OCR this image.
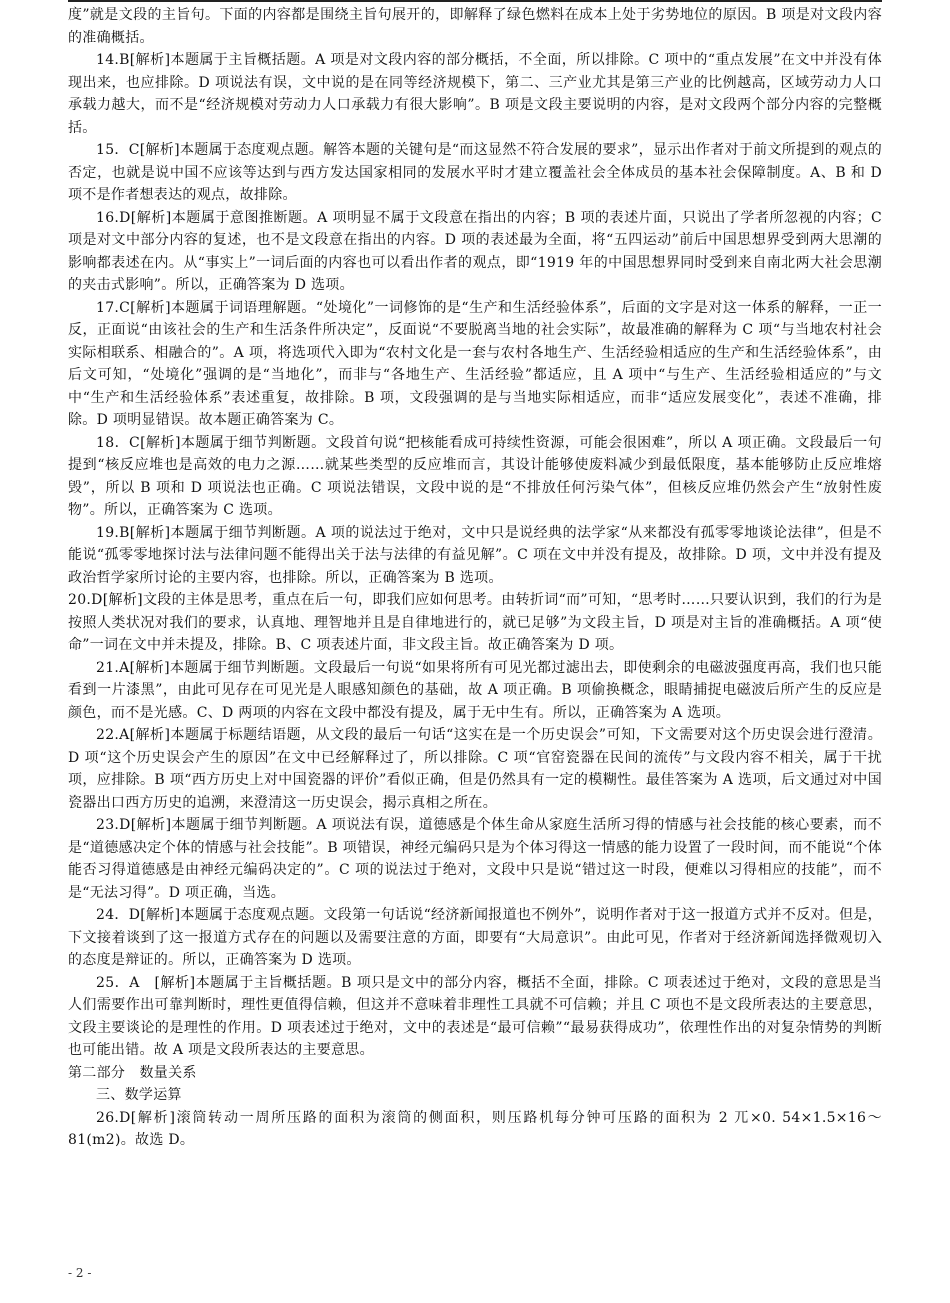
度”就是文段的主旨句。下面的内容都是围绕主旨句展开的，即解释了绿色燃料在成本上处于劣势地位的原因。B 项是对文段内容的准确概括。

14.B[解析]本题属于主旨概括题。A 项是对文段内容的部分概括，不全面，所以排除。C 项中的“重点发展”在文中并没有体现出来，也应排除。D 项说法有误，文中说的是在同等经济规模下，第二、三产业尤其是第三产业的比例越高，区域劳动力人口承载力越大，而不是“经济规模对劳动力人口承载力有很大影响”。B 项是文段主要说明的内容，是对文段两个部分内容的完整概括。

15．C[解析]本题属于态度观点题。解答本题的关键句是“而这显然不符合发展的要求”，显示出作者对于前文所提到的观点的否定，也就是说中国不应该等达到与西方发达国家相同的发展水平时才建立覆盖社会全体成员的基本社会保障制度。A、B 和 D 项不是作者想表达的观点，故排除。

16.D[解析]本题属于意图推断题。A 项明显不属于文段意在指出的内容；B 项的表述片面，只说出了学者所忽视的内容；C 项是对文中部分内容的复述，也不是文段意在指出的内容。D 项的表述最为全面，将“五四运动”前后中国思想界受到两大思潮的影响都表述在内。从“事实上”一词后面的内容也可以看出作者的观点，即“1919 年的中国思想界同时受到来自南北两大社会思潮的夹击式影响”。所以，正确答案为 D 选项。

17.C[解析]本题属于词语理解题。“处境化”一词修饰的是“生产和生活经验体系”，后面的文字是对这一体系的解释，一正一反，正面说“由该社会的生产和生活条件所决定”，反面说“不要脱离当地的社会实际”，故最准确的解释为 C 项“与当地农村社会实际相联系、相融合的”。A 项，将选项代入即为“农村文化是一套与农村各地生产、生活经验相适应的生产和生活经验体系”，由后文可知，“处境化”强调的是“当地化”，而非与“各地生产、生活经验”都适应，且 A 项中“与生产、生活经验相适应的”与文中“生产和生活经验体系”表述重复，故排除。B 项，文段强调的是与当地实际相适应，而非“适应发展变化”，表述不准确，排除。D 项明显错误。故本题正确答案为 C。

18．C[解析]本题属于细节判断题。文段首句说“把核能看成可持续性资源，可能会很困难”，所以 A 项正确。文段最后一句提到“核反应堆也是高效的电力之源……就某些类型的反应堆而言，其设计能够使废料减少到最低限度，基本能够防止反应堆熔毁”，所以 B 项和 D 项说法也正确。C 项说法错误，文段中说的是“不排放任何污染气体”，但核反应堆仍然会产生“放射性废物”。所以，正确答案为 C 选项。

19.B[解析]本题属于细节判断题。A 项的说法过于绝对，文中只是说经典的法学家“从来都没有孤零零地谈论法律”，但是不能说“孤零零地探讨法与法律问题不能得出关于法与法律的有益见解”。C 项在文中并没有提及，故排除。D 项，文中并没有提及政治哲学家所讨论的主要内容，也排除。所以，正确答案为 B 选项。

20.D[解析]文段的主体是思考，重点在后一句，即我们应如何思考。由转折词“而”可知，“思考时……只要认识到，我们的行为是按照人类状况对我们的要求，认真地、理智地并且是自律地进行的，就已足够”为文段主旨，D 项是对主旨的准确概括。A 项“使命”一词在文中并未提及，排除。B、C 项表述片面，非文段主旨。故正确答案为 D 项。

21.A[解析]本题属于细节判断题。文段最后一句说“如果将所有可见光都过滤出去，即使剩余的电磁波强度再高，我们也只能看到一片漆黑”，由此可见存在可见光是人眼感知颜色的基础，故 A 项正确。B 项偷换概念，眼睛捕捉电磁波后所产生的反应是颜色，而不是光感。C、D 两项的内容在文段中都没有提及，属于无中生有。所以，正确答案为 A 选项。

22.A[解析]本题属于标题结语题，从文段的最后一句话“这实在是一个历史误会”可知，下文需要对这个历史误会进行澄清。D 项“这个历史误会产生的原因”在文中已经解释过了，所以排除。C 项“官窑瓷器在民间的流传”与文段内容不相关，属于干扰项，应排除。B 项“西方历史上对中国瓷器的评价”看似正确，但是仍然具有一定的模糊性。最佳答案为 A 选项，后文通过对中国瓷器出口西方历史的追溯，来澄清这一历史误会，揭示真相之所在。

23.D[解析]本题属于细节判断题。A 项说法有误，道德感是个体生命从家庭生活所习得的情感与社会技能的核心要素，而不是“道德感决定个体的情感与社会技能”。B 项错误，神经元编码只是为个体习得这一情感的能力设置了一段时间，而不能说“个体能否习得道德感是由神经元编码决定的”。C 项的说法过于绝对，文段中只是说“错过这一时段，便难以习得相应的技能”，而不是“无法习得”。D 项正确，当选。

24．D[解析]本题属于态度观点题。文段第一句话说“经济新闻报道也不例外”，说明作者对于这一报道方式并不反对。但是，下文接着谈到了这一报道方式存在的问题以及需要注意的方面，即要有“大局意识”。由此可见，作者对于经济新闻选择微观切入的态度是辩证的。所以，正确答案为 D 选项。

25．A　[解析]本题属于主旨概括题。B 项只是文中的部分内容，概括不全面，排除。C 项表述过于绝对，文段的意思是当人们需要作出可靠判断时，理性更值得信赖，但这并不意味着非理性工具就不可信赖；并且 C 项也不是文段所表达的主要意思，文段主要谈论的是理性的作用。D 项表述过于绝对，文中的表述是“最可信赖”“最易获得成功”，依理性作出的对复杂情势的判断也可能出错。故 A 项是文段所表达的主要意思。

第二部分　数量关系

三、数学运算

26.D[解析]滚筒转动一周所压路的面积为滚筒的侧面积，则压路机每分钟可压路的面积为 2 兀×0. 54×1.5×16～81(m2)。故选 D。

- 2 -
